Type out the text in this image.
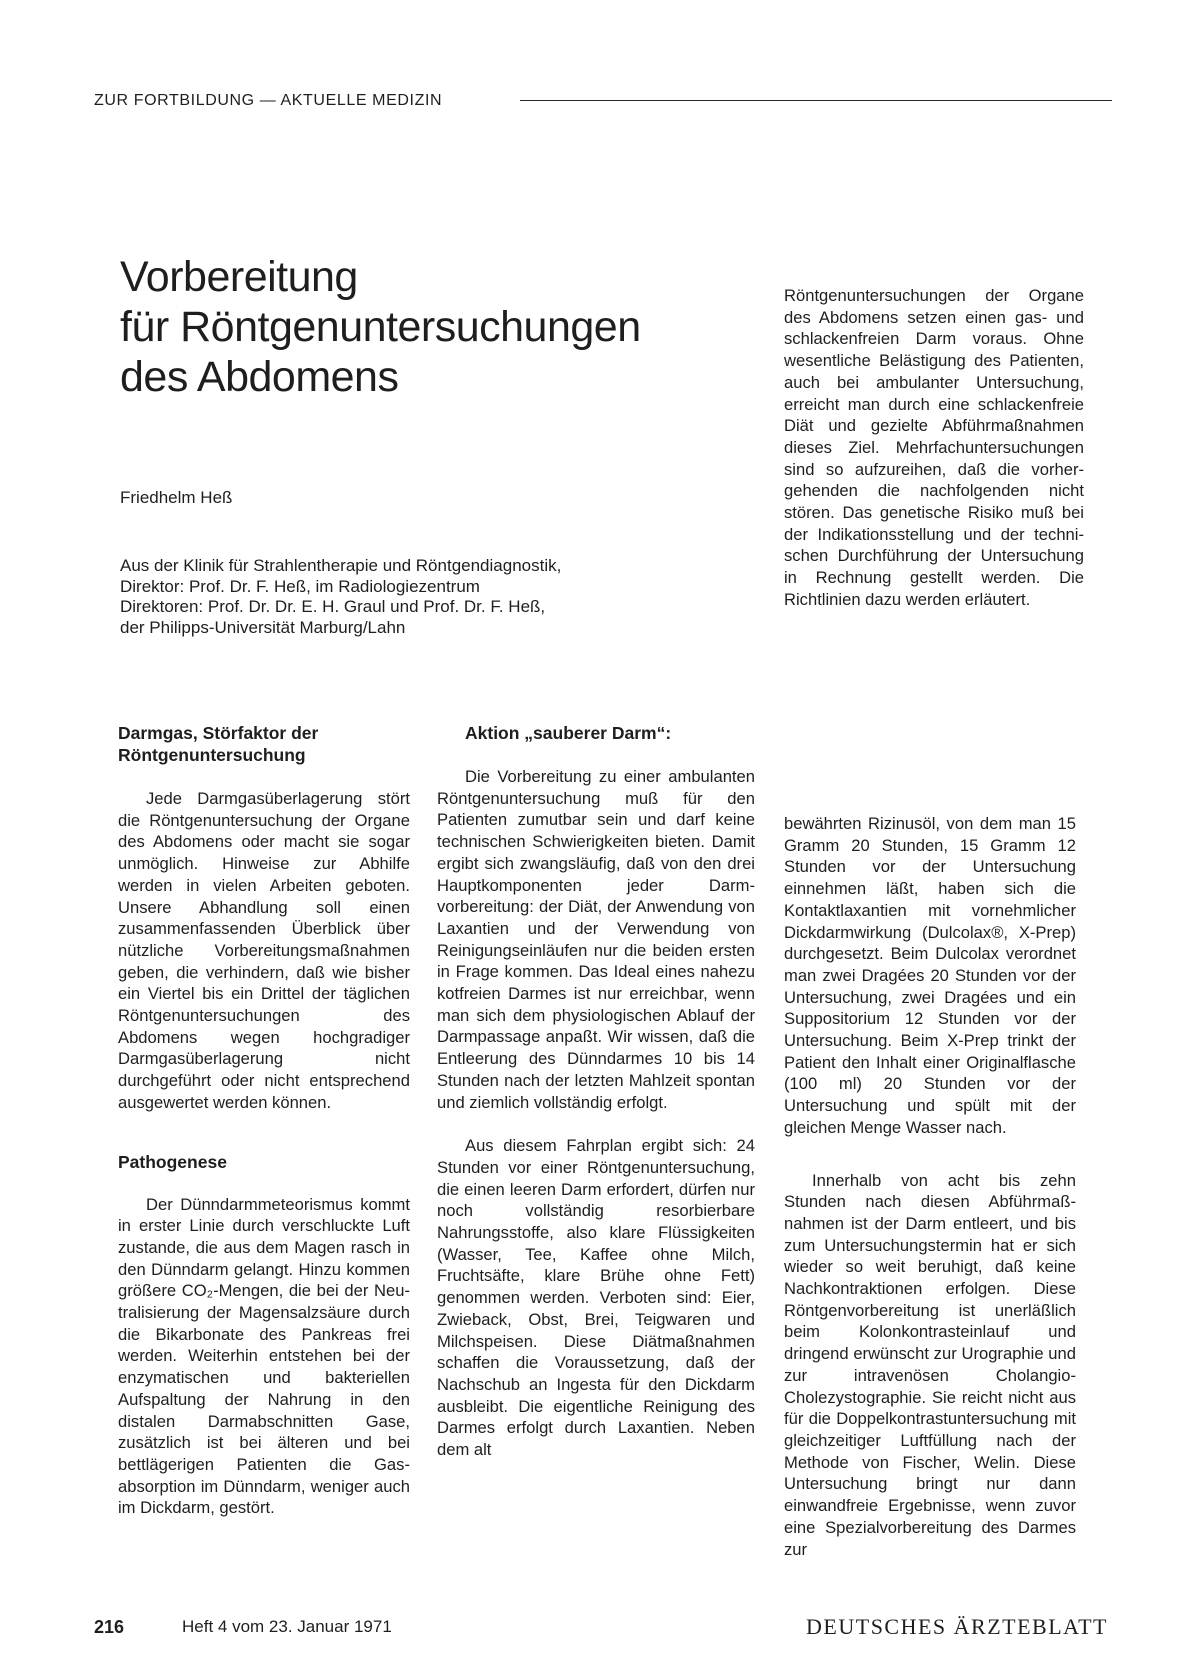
ZUR FORTBILDUNG — AKTUELLE MEDIZIN
Vorbereitung
für Röntgenuntersuchungen
des Abdomens
Friedhelm Heß
Aus der Klinik für Strahlentherapie und Röntgendiagnostik,
Direktor: Prof. Dr. F. Heß, im Radiologiezentrum
Direktoren: Prof. Dr. Dr. E. H. Graul und Prof. Dr. F. Heß,
der Philipps-Universität Marburg/Lahn

Röntgenuntersuchungen der Organe des Abdomens setzen einen gas- und schlackenfreien Darm voraus. Ohne wesentliche Belästigung des Patienten, auch bei ambulanter Untersuchung, erreicht man durch eine schlackenfreie Diät und gezielte Abführmaßnahmen dieses Ziel. Mehrfachuntersuchungen sind so aufzureihen, daß die vorhergehenden die nachfolgenden nicht stören. Das genetische Risiko muß bei der Indikationsstellung und der technischen Durchführung der Untersuchung in Rechnung gestellt werden. Die Richtlinien dazu werden erläutert.

Darmgas, Störfaktor der Röntgenuntersuchung

Jede Darmgasüberlagerung stört die Röntgenuntersuchung der Organe des Abdomens oder macht sie sogar unmöglich. Hinweise zur Abhilfe werden in vielen Arbeiten geboten. Unsere Abhandlung soll einen zusammenfassenden Überblick über nützliche Vorbereitungsmaßnahmen geben, die verhindern, daß wie bisher ein Viertel bis ein Drittel der täglichen Röntgenuntersuchungen des Abdomens wegen hochgradiger Darmgasüberlagerung nicht durchgeführt oder nicht entsprechend ausgewertet werden können.

Pathogenese

Der Dünndarmmeteorismus kommt in erster Linie durch verschluckte Luft zustande, die aus dem Magen rasch in den Dünndarm gelangt. Hinzu kommen größere CO₂-Mengen, die bei der Neutralisierung der Magensalzsäure durch die Bikarbonate des Pankreas frei werden. Weiterhin entstehen bei der enzymatischen und bakteriellen Aufspaltung der Nahrung in den distalen Darmabschnitten Gase, zusätzlich ist bei älteren und bei bettlägerigen Patienten die Gasabsorption im Dünndarm, weniger auch im Dickdarm, gestört.

Aktion „sauberer Darm“:

Die Vorbereitung zu einer ambulanten Röntgenuntersuchung muß für den Patienten zumutbar sein und darf keine technischen Schwierigkeiten bieten. Damit ergibt sich zwangsläufig, daß von den drei Hauptkomponenten jeder Darmvorbereitung: der Diät, der Anwendung von Laxantien und der Verwendung von Reinigungseinläufen nur die beiden ersten in Frage kommen. Das Ideal eines nahezu kotfreien Darmes ist nur erreichbar, wenn man sich dem physiologischen Ablauf der Darmpassage anpaßt. Wir wissen, daß die Entleerung des Dünndarmes 10 bis 14 Stunden nach der letzten Mahlzeit spontan und ziemlich vollständig erfolgt.

Aus diesem Fahrplan ergibt sich: 24 Stunden vor einer Röntgenuntersuchung, die einen leeren Darm erfordert, dürfen nur noch vollständig resorbierbare Nahrungsstoffe, also klare Flüssigkeiten (Wasser, Tee, Kaffee ohne Milch, Fruchtsäfte, klare Brühe ohne Fett) genommen werden. Verboten sind: Eier, Zwieback, Obst, Brei, Teigwaren und Milchspeisen. Diese Diätmaßnahmen schaffen die Voraussetzung, daß der Nachschub an Ingesta für den Dickdarm ausbleibt. Die eigentliche Reinigung des Darmes erfolgt durch Laxantien. Neben dem alt

bewährten Rizinusöl, von dem man 15 Gramm 20 Stunden, 15 Gramm 12 Stunden vor der Untersuchung einnehmen läßt, haben sich die Kontaktlaxantien mit vornehmlicher Dickdarmwirkung (Dulcolax®, X-Prep) durchgesetzt. Beim Dulcolax verordnet man zwei Dragées 20 Stunden vor der Untersuchung, zwei Dragées und ein Suppositorium 12 Stunden vor der Untersuchung. Beim X-Prep trinkt der Patient den Inhalt einer Originalflasche (100 ml) 20 Stunden vor der Untersuchung und spült mit der gleichen Menge Wasser nach.

Innerhalb von acht bis zehn Stunden nach diesen Abführmaßnahmen ist der Darm entleert, und bis zum Untersuchungstermin hat er sich wieder so weit beruhigt, daß keine Nachkontraktionen erfolgen. Diese Röntgenvorbereitung ist unerläßlich beim Kolonkontrasteinlauf und dringend erwünscht zur Urographie und zur intravenösen Cholangio-Cholezystographie. Sie reicht nicht aus für die Doppelkontrastuntersuchung mit gleichzeitiger Luftfüllung nach der Methode von Fischer, Welin. Diese Untersuchung bringt nur dann einwandfreie Ergebnisse, wenn zuvor eine Spezialvorbereitung des Darmes zur

216	Heft 4 vom 23. Januar 1971	DEUTSCHES ÄRZTEBLATT
